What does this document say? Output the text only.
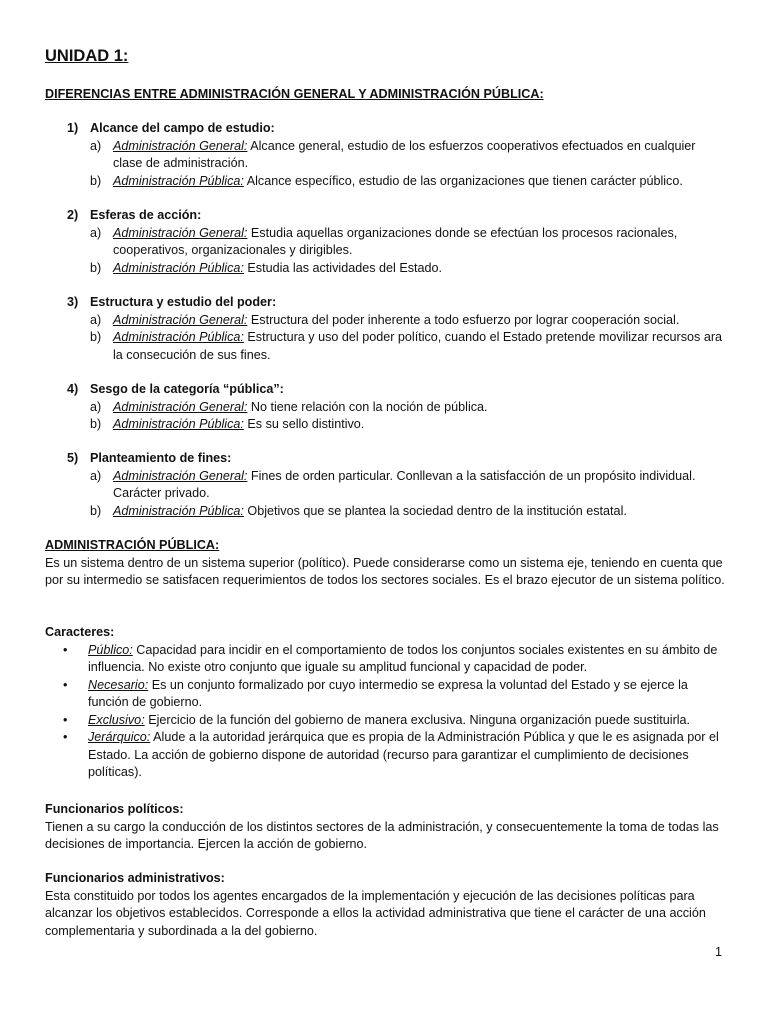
UNIDAD 1:
DIFERENCIAS ENTRE ADMINISTRACIÓN GENERAL Y ADMINISTRACIÓN PÚBLICA:
1) Alcance del campo de estudio:
a) Administración General: Alcance general, estudio de los esfuerzos cooperativos efectuados en cualquier clase de administración.
b) Administración Pública: Alcance específico, estudio de las organizaciones que tienen carácter público.
2) Esferas de acción:
a) Administración General: Estudia aquellas organizaciones donde se efectúan los procesos racionales, cooperativos, organizacionales y dirigibles.
b) Administración Pública: Estudia las actividades del Estado.
3) Estructura y estudio del poder:
a) Administración General: Estructura del poder inherente a todo esfuerzo por lograr cooperación social.
b) Administración Pública: Estructura y uso del poder político, cuando el Estado pretende movilizar recursos ara la consecución de sus fines.
4) Sesgo de la categoría “pública”:
a) Administración General: No tiene relación con la noción de pública.
b) Administración Pública: Es su sello distintivo.
5) Planteamiento de fines:
a) Administración General: Fines de orden particular. Conllevan a la satisfacción de un propósito individual. Carácter privado.
b) Administración Pública: Objetivos que se plantea la sociedad dentro de la institución estatal.
ADMINISTRACIÓN PÚBLICA:
Es un sistema dentro de un sistema superior (político). Puede considerarse como un sistema eje, teniendo en cuenta que por su intermedio se satisfacen requerimientos de todos los sectores sociales. Es el brazo ejecutor de un sistema político.
Caracteres:
•	Público: Capacidad para incidir en el comportamiento de todos los conjuntos sociales existentes en su ámbito de influencia. No existe otro conjunto que iguale su amplitud funcional y capacidad de poder.
•	Necesario: Es un conjunto formalizado por cuyo intermedio se expresa la voluntad del Estado y se ejerce la función de gobierno.
•	Exclusivo: Ejercicio de la función del gobierno de manera exclusiva. Ninguna organización puede sustituirla.
•	Jerárquico: Alude a la autoridad jerárquica que es propia de la Administración Pública y que le es asignada por el Estado. La acción de gobierno dispone de autoridad (recurso para garantizar el cumplimiento de decisiones políticas).
Funcionarios políticos:
Tienen a su cargo la conducción de los distintos sectores de la administración, y consecuentemente la toma de todas las decisiones de importancia. Ejercen la acción de gobierno.
Funcionarios administrativos:
Esta constituido por todos los agentes encargados de la implementación y ejecución de las decisiones políticas para alcanzar los objetivos establecidos. Corresponde a ellos la actividad administrativa que tiene el carácter de una acción complementaria y subordinada a la del gobierno.
1
